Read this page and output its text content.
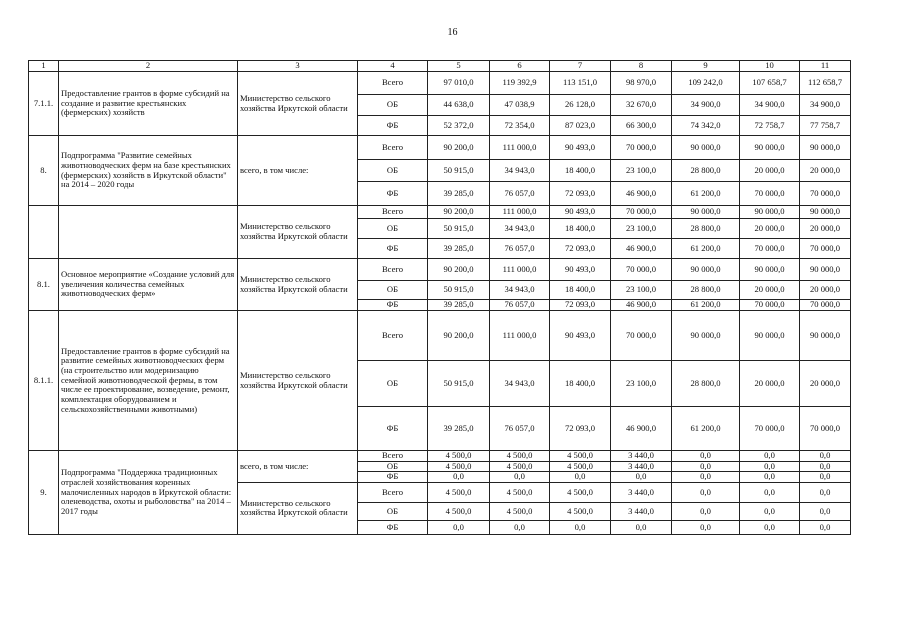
16
1	2	3	4	5	6	7	8	9	10	11
7.1.1.	Предоставление грантов в форме субсидий на создание и развитие крестьянских (фермерских) хозяйств	Министерство сельского хозяйства Иркутской области	Всего	97 010,0	119 392,9	113 151,0	98 970,0	109 242,0	107 658,7	112 658,7
			ОБ	44 638,0	47 038,9	26 128,0	32 670,0	34 900,0	34 900,0	34 900,0
			ФБ	52 372,0	72 354,0	87 023,0	66 300,0	74 342,0	72 758,7	77 758,7
8.	Подпрограмма "Развитие семейных животноводческих ферм на базе крестьянских (фермерских) хозяйств в Иркутской области" на 2014 – 2020 годы	всего, в том числе:	Всего	90 200,0	111 000,0	90 493,0	70 000,0	90 000,0	90 000,0	90 000,0
			ОБ	50 915,0	34 943,0	18 400,0	23 100,0	28 800,0	20 000,0	20 000,0
			ФБ	39 285,0	76 057,0	72 093,0	46 900,0	61 200,0	70 000,0	70 000,0
		Министерство сельского хозяйства Иркутской области	Всего	90 200,0	111 000,0	90 493,0	70 000,0	90 000,0	90 000,0	90 000,0
			ОБ	50 915,0	34 943,0	18 400,0	23 100,0	28 800,0	20 000,0	20 000,0
			ФБ	39 285,0	76 057,0	72 093,0	46 900,0	61 200,0	70 000,0	70 000,0
8.1.	Основное мероприятие «Создание условий для увеличения количества семейных животноводческих ферм»	Министерство сельского хозяйства Иркутской области	Всего	90 200,0	111 000,0	90 493,0	70 000,0	90 000,0	90 000,0	90 000,0
			ОБ	50 915,0	34 943,0	18 400,0	23 100,0	28 800,0	20 000,0	20 000,0
			ФБ	39 285,0	76 057,0	72 093,0	46 900,0	61 200,0	70 000,0	70 000,0
8.1.1.	Предоставление грантов в форме субсидий на развитие семейных животноводческих ферм (на строительство или модернизацию семейной животноводческой фермы, в том числе ее проектирование, возведение, ремонт, комплектация оборудованием и сельскохозяйственными животными)	Министерство сельского хозяйства Иркутской области	Всего	90 200,0	111 000,0	90 493,0	70 000,0	90 000,0	90 000,0	90 000,0
			ОБ	50 915,0	34 943,0	18 400,0	23 100,0	28 800,0	20 000,0	20 000,0
			ФБ	39 285,0	76 057,0	72 093,0	46 900,0	61 200,0	70 000,0	70 000,0
9.	Подпрограмма "Поддержка традиционных отраслей хозяйствования коренных малочисленных народов в Иркутской области: оленеводства, охоты и рыболовства" на 2014 – 2017 годы	всего, в том числе:	Всего	4 500,0	4 500,0	4 500,0	3 440,0	0,0	0,0	0,0
			ОБ	4 500,0	4 500,0	4 500,0	3 440,0	0,0	0,0	0,0
			ФБ	0,0	0,0	0,0	0,0	0,0	0,0	0,0
		Министерство сельского хозяйства Иркутской области	Всего	4 500,0	4 500,0	4 500,0	3 440,0	0,0	0,0	0,0
			ОБ	4 500,0	4 500,0	4 500,0	3 440,0	0,0	0,0	0,0
			ФБ	0,0	0,0	0,0	0,0	0,0	0,0	0,0
